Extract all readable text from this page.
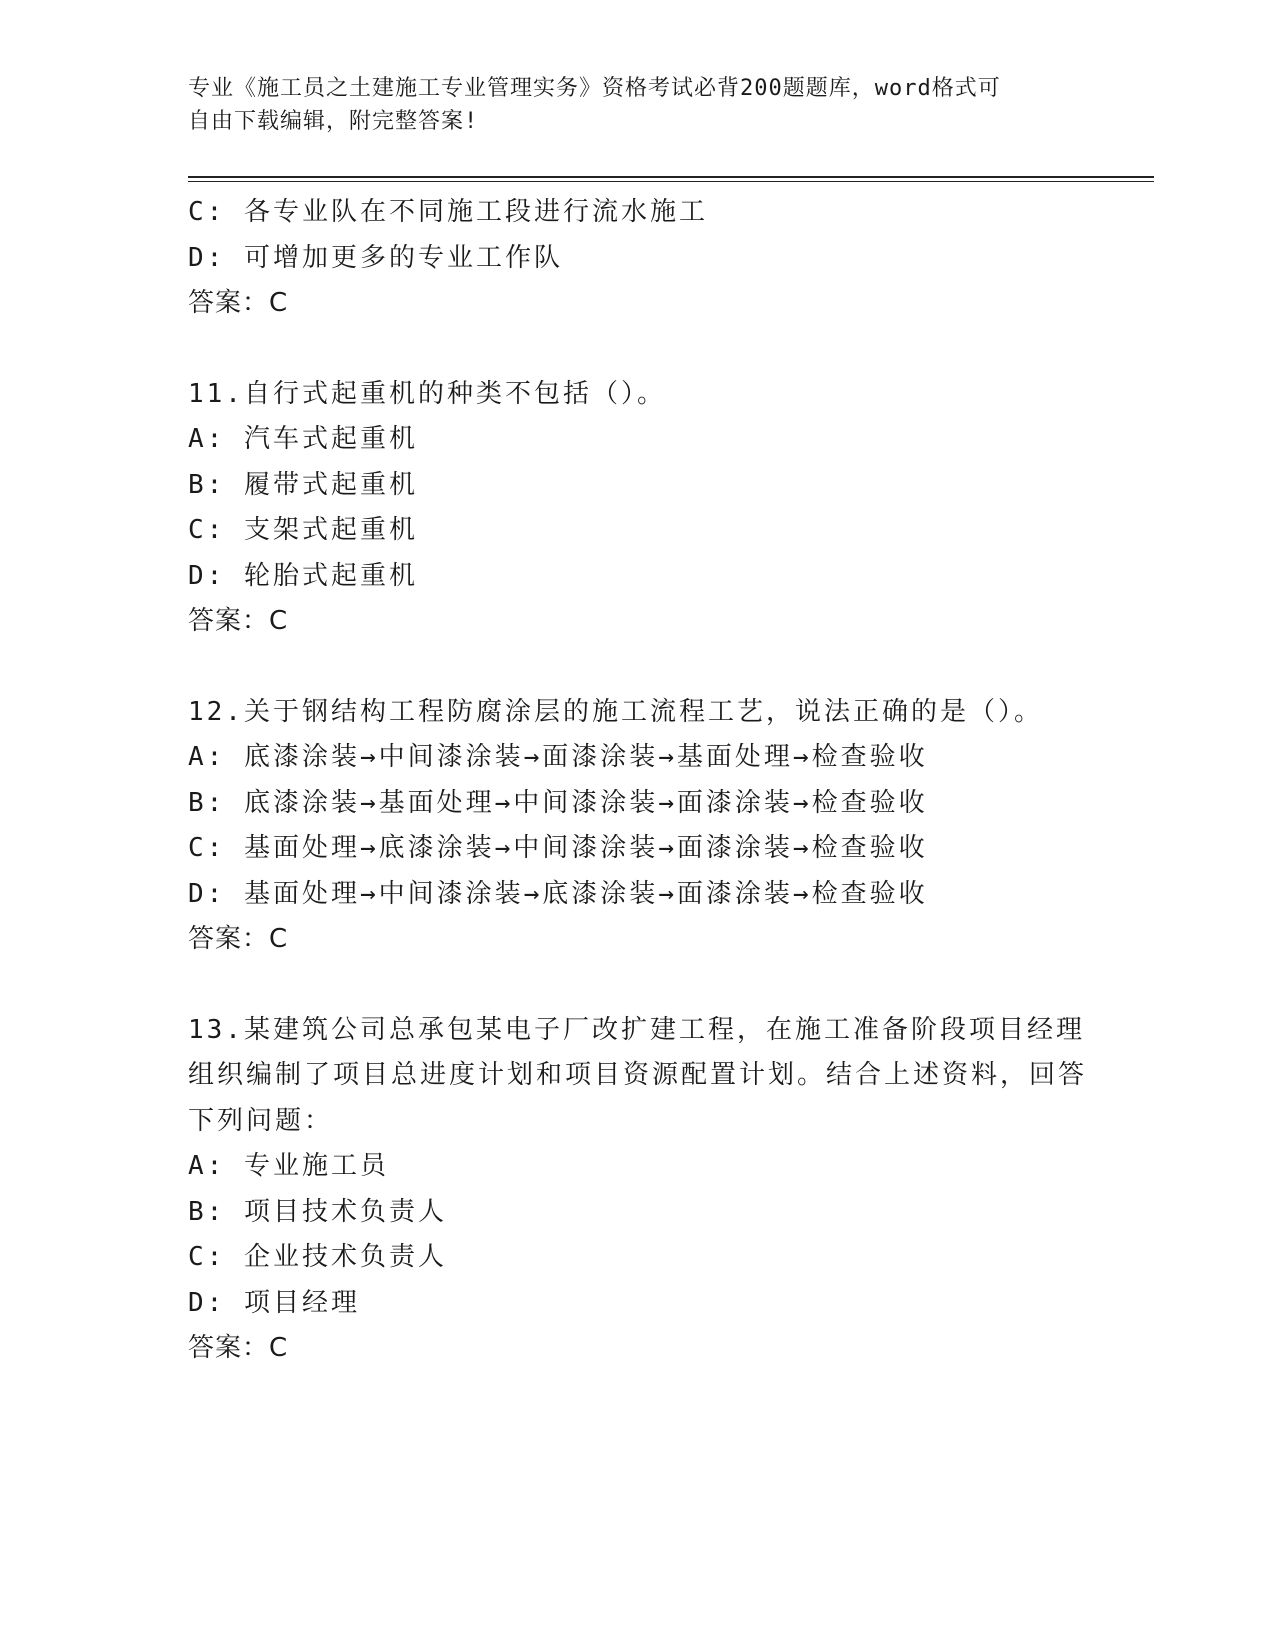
专业《施工员之土建施工专业管理实务》资格考试必背200题题库，word格式可
自由下载编辑，附完整答案!
C: 各专业队在不同施工段进行流水施工
D: 可增加更多的专业工作队
答案：C
11.自行式起重机的种类不包括（）。
A: 汽车式起重机
B: 履带式起重机
C: 支架式起重机
D: 轮胎式起重机
答案：C
12.关于钢结构工程防腐涂层的施工流程工艺，说法正确的是（）。
A: 底漆涂装→中间漆涂装→面漆涂装→基面处理→检查验收
B: 底漆涂装→基面处理→中间漆涂装→面漆涂装→检查验收
C: 基面处理→底漆涂装→中间漆涂装→面漆涂装→检查验收
D: 基面处理→中间漆涂装→底漆涂装→面漆涂装→检查验收
答案：C
13.某建筑公司总承包某电子厂改扩建工程，在施工准备阶段项目经理组织编制了项目总进度计划和项目资源配置计划。结合上述资料，回答下列问题：
A: 专业施工员
B: 项目技术负责人
C: 企业技术负责人
D: 项目经理
答案：C
